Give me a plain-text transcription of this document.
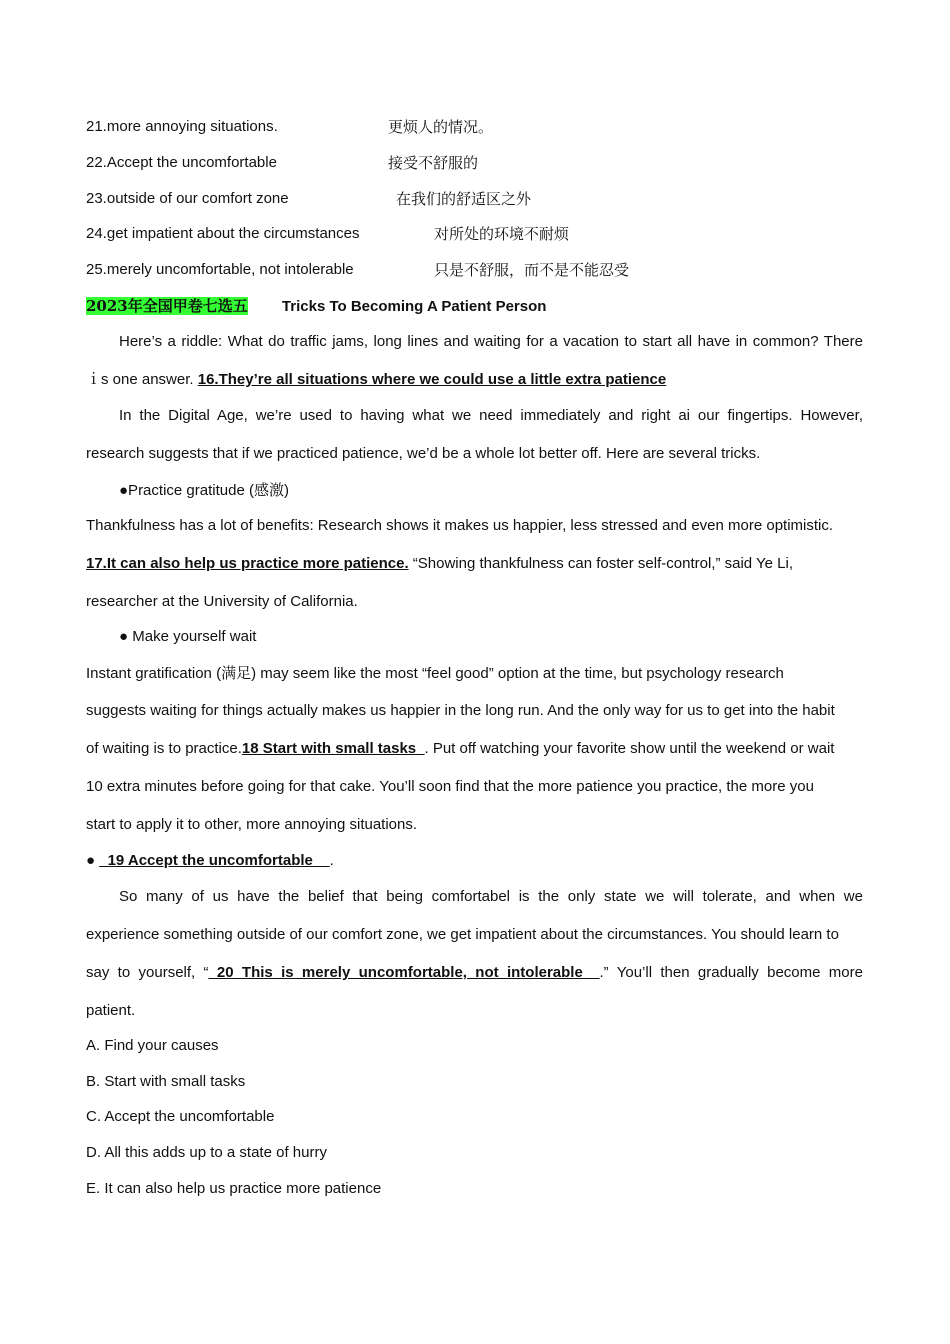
21.more annoying situations.	更烦人的情况。
22.Accept the uncomfortable	接受不舒服的
23.outside of our comfort zone	在我们的舒适区之外
24.get impatient about the circumstances	对所处的环境不耐烦
25.merely uncomfortable, not intolerable	只是不舒服，而不是不能忍受
2023年全国甲卷七选五 Tricks To Becoming A Patient Person
Here’s a riddle: What do traffic jams, long lines and waiting for a vacation to start all have in common? There
ｉs one answer. 16.They’re all situations where we could use a little extra patience
In the Digital Age, we’re used to having what we need immediately and right ai our fingertips. However,
research suggests that if we practiced patience, we’d be a whole lot better off. Here are several tricks.
●Practice gratitude (感激)
Thankfulness has a lot of benefits: Research shows it makes us happier, less stressed and even more optimistic.
17.It can also help us practice more patience. “Showing thankfulness can foster self-control,” said Ye Li,
researcher at the University of California.
● Make yourself wait
Instant gratification (满足) may seem like the most “feel good” option at the time, but psychology research
suggests waiting for things actually makes us happier in the long run. And the only way for us to get into the habit
of waiting is to practice.18 Start with small tasks_. Put off watching your favorite show until the weekend or wait
10 extra minutes before going for that cake. You’ll soon find that the more patience you practice, the more you
start to apply it to other, more annoying situations.
● _19 Accept the uncomfortable__.
So many of us have the belief that being comfortabel is the only state we will tolerate, and when we
experience something outside of our comfort zone, we get impatient about the circumstances. You should learn to
say to yourself, “_20 This is merely uncomfortable, not intolerable__.” You’ll then gradually become more
patient.
A. Find your causes
B. Start with small tasks
C. Accept the uncomfortable
D. All this adds up to a state of hurry
E. It can also help us practice more patience
